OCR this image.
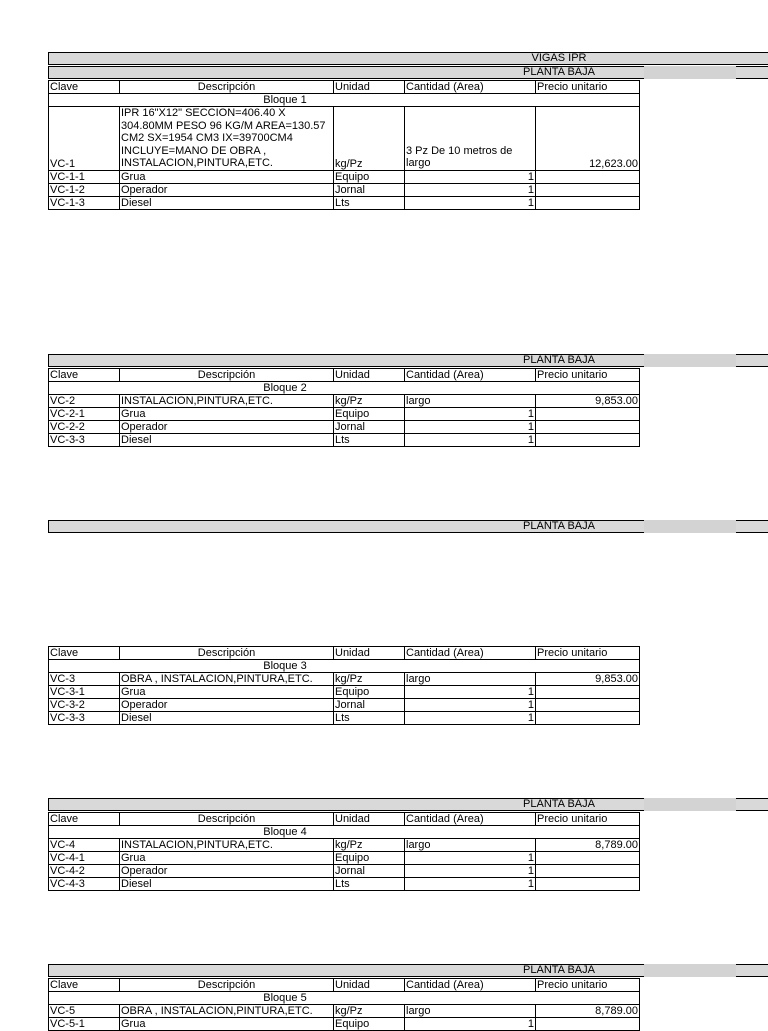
VIGAS IPR
PLANTA BAJA
Clave	Descripción	Unidad	Cantidad (Area)	Precio unitario
Bloque 1				
VC-1	IPR 16"X12" SECCION=406.40 X 304.80MM PESO 96 KG/M AREA=130.57 CM2 SX=1954 CM3 IX=39700CM4 INCLUYE=MANO DE OBRA , INSTALACION,PINTURA,ETC.	kg/Pz	3 Pz De 10 metros de largo	12,623.00
VC-1-1	Grua	Equipo	1	
VC-1-2	Operador	Jornal	1	
VC-1-3	Diesel	Lts	1	
PLANTA BAJA
Clave	Descripción	Unidad	Cantidad (Area)	Precio unitario
Bloque 2				
VC-2	INSTALACION,PINTURA,ETC.	kg/Pz	largo	9,853.00
VC-2-1	Grua	Equipo	1	
VC-2-2	Operador	Jornal	1	
VC-3-3	Diesel	Lts	1	
PLANTA BAJA
Clave	Descripción	Unidad	Cantidad (Area)	Precio unitario
Bloque 3				
VC-3	OBRA , INSTALACION,PINTURA,ETC.	kg/Pz	largo	9,853.00
VC-3-1	Grua	Equipo	1	
VC-3-2	Operador	Jornal	1	
VC-3-3	Diesel	Lts	1	
PLANTA BAJA
Clave	Descripción	Unidad	Cantidad (Area)	Precio unitario
Bloque 4				
VC-4	INSTALACION,PINTURA,ETC.	kg/Pz	largo	8,789.00
VC-4-1	Grua	Equipo	1	
VC-4-2	Operador	Jornal	1	
VC-4-3	Diesel	Lts	1	
PLANTA BAJA
Clave	Descripción	Unidad	Cantidad (Area)	Precio unitario
Bloque 5				
VC-5	OBRA , INSTALACION,PINTURA,ETC.	kg/Pz	largo	8,789.00
VC-5-1	Grua	Equipo	1	
